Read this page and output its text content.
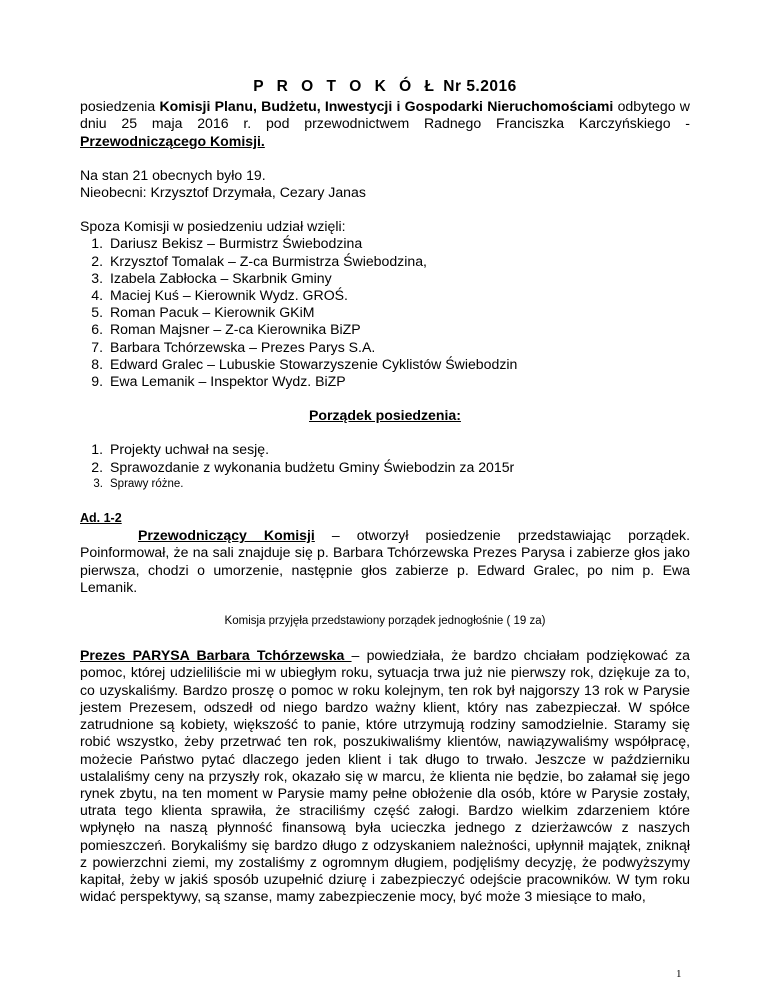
P R O T O K Ó Ł Nr 5.2016

posiedzenia Komisji Planu, Budżetu, Inwestycji i Gospodarki Nieruchomościami odbytego w dniu 25 maja 2016 r. pod przewodnictwem Radnego Franciszka Karczyńskiego - Przewodniczącego Komisji.

Na stan 21 obecnych było 19.

Nieobecni: Krzysztof Drzymała, Cezary Janas

Spoza Komisji w posiedzeniu udział wzięli:

1. Dariusz Bekisz – Burmistrz Świebodzina
2. Krzysztof Tomalak – Z-ca Burmistrza Świebodzina,
3. Izabela Zabłocka – Skarbnik Gminy
4. Maciej Kuś – Kierownik Wydz. GROŚ.
5. Roman Pacuk – Kierownik GKiM
6. Roman Majsner – Z-ca Kierownika BiZP
7. Barbara Tchórzewska – Prezes Parys S.A.
8. Edward Gralec – Lubuskie Stowarzyszenie Cyklistów Świebodzin
9. Ewa Lemanik – Inspektor Wydz. BiZP

Porządek posiedzenia:

1. Projekty uchwał na sesję.
2. Sprawozdanie z wykonania budżetu Gminy Świebodzin za 2015r
3. Sprawy różne.

Ad. 1-2

Przewodniczący Komisji – otworzył posiedzenie przedstawiając porządek. Poinformował, że na sali znajduje się p. Barbara Tchórzewska Prezes Parysa i zabierze głos jako pierwsza, chodzi o umorzenie, następnie głos zabierze p. Edward Gralec, po nim p. Ewa Lemanik.

Komisja przyjęła przedstawiony porządek jednogłośnie ( 19 za)

Prezes PARYSA Barbara Tchórzewska – powiedziała, że bardzo chciałam podziękować za pomoc, której udzieliliście mi w ubiegłym roku, sytuacja trwa już nie pierwszy rok, dziękuje za to, co uzyskaliśmy. Bardzo proszę o pomoc w roku kolejnym, ten rok był najgorszy 13 rok w Parysie jestem Prezesem, odszedł od niego bardzo ważny klient, który nas zabezpieczał. W spółce zatrudnione są kobiety, większość to panie, które utrzymują rodziny samodzielnie. Staramy się robić wszystko, żeby przetrwać ten rok, poszukiwaliśmy klientów, nawiązywaliśmy współpracę, możecie Państwo pytać dlaczego jeden klient i tak długo to trwało. Jeszcze w październiku ustalaliśmy ceny na przyszły rok, okazało się w marcu, że klienta nie będzie, bo załamał się jego rynek zbytu, na ten moment w Parysie mamy pełne obłożenie dla osób, które w Parysie zostały, utrata tego klienta sprawiła, że straciliśmy część załogi. Bardzo wielkim zdarzeniem które wpłynęło na naszą płynność finansową była ucieczka jednego z dzierżawców z naszych pomieszczeń. Borykaliśmy się bardzo długo z odzyskaniem należności, upłynnił majątek, zniknął z powierzchni ziemi, my zostaliśmy z ogromnym długiem, podjęliśmy decyzję, że podwyższymy kapitał, żeby w jakiś sposób uzupełnić dziurę i zabezpieczyć odejście pracowników. W tym roku widać perspektywy, są szanse, mamy zabezpieczenie mocy, być może 3 miesiące to mało,

1
